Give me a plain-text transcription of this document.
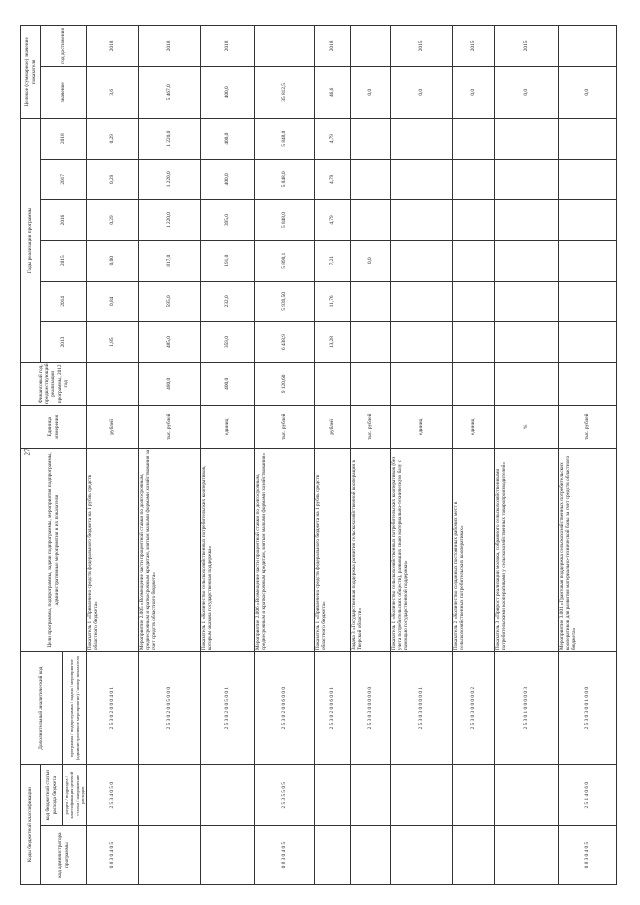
27
Коды бюджетной классификации		Дополнительный аналитический код	Цели программы, подпрограммы, задачи подпрограммы, мероприятия подпрограммы, административные мероприятия и их показатели	Единица измерения	Финансовый год, предшествующий реализации программы, 2012 год	Годы реализации программы						Целевое (суммарное) значение показателя	
код администратора программы	код бюджетной статьи расхода бюджета					2013	2014	2015	2016	2017	2018	значение	год достижения
	раздел / подраздел / классификация целевой статьи / направление расходов	программа / подпрограмма / задача / мероприятие (административное мероприятие) / номер показателя											
0 8 3 0 4 0 5	2 5 3 4 0 5 0	2 5 3 0 2 0 0 0 4 0 1	Показатель 1 «Привлечено средств федерального бюджета на 1 рубль средств областного бюджета»	рублей		1,85	0,84	0,00	0,29	0,29	0,29	3,6	2018
		2 5 3 0 2 0 0 5 0 0 0	Мероприятие 2.005 «Возмещение части процентной ставки по долгосрочным, среднесрочным и краткосрочным кредитам, взятым малыми формами хозяйствования за счет средств областного бюджета»	тыс. рублей	480,0	485,0	595,0	817,0	1 220,0	1 220,0	1 220,0	5 467,0	2018
		2 5 3 0 2 0 0 5 0 0 1	Показатель 1 «Количество сельскохозяйственных потребительских кооперативов, которым оказана государственная поддержка»	единиц	400,0	359,0	232,0	191,0	395,0	400,0	400,0	400,0	2018
0 8 3 0 4 0 5	2 5 3 5 5 0 5	2 5 3 0 2 0 0 6 0 0 0	Мероприятие 2.006 «Возмещение части процентной ставки по долгосрочным, среднесрочным и краткосрочным кредитам, взятым малыми формами хозяйствования»	тыс. рублей	9 120,60	6 438,9	5 939,50	5 890,1	5 848,0	5 848,0	5 848,0	35 812,5	
		2 5 3 0 2 0 0 6 0 0 1	Показатель 1 «Привлечено средств федерального бюджета на 1 рубль средств областного бюджета»	рублей		13,28	11,76	7,21	4,79	4,79	4,79	46,6	2018
		2 5 3 0 3 0 0 0 0 0 0	Задача 3 «Государственная поддержка развития сельскохозяйственной кооперации в Тверской области»	тыс. рублей				0,0				0,0	
		2 5 3 0 3 0 0 0 0 0 1	Показатель 1 «Количество сельскохозяйственных потребительских кооперативов (без учета потребительских обществ), развивших свою материально-техническую базу с помощью государственной поддержки»	единиц								0,0	2015
		2 5 3 0 3 0 0 0 0 0 2	Показатель 2 «Количество созданных постоянных рабочих мест в сельскохозяйственных потребительских кооперативах»	единиц								0,0	2015
		2 5 3 0 1 0 0 0 0 0 3	Показатель 3 «Прирост реализации молока, собранного сельскохозяйственными потребительскими кооперативами у сельскохозяйственных товаропроизводителей»	%								0,0	2015
0 8 3 0 4 0 5	2 5 1 4 0 6 0	2 5 3 0 3 0 0 1 0 0 0	Мероприятие 3.001 «Грантовая поддержка сельскохозяйственных потребительских кооперативов для развития материально-технической базы за счет средств областного бюджета»	тыс. рублей								0,0	
